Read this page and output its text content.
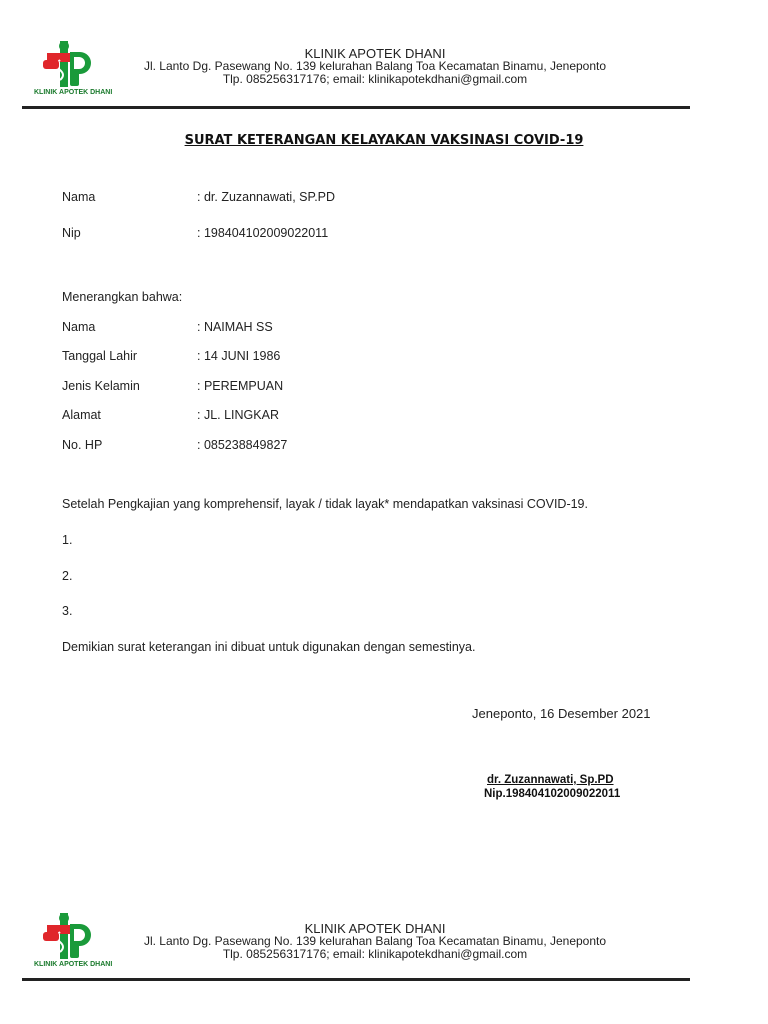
KLINIK APOTEK DHANI
KLINIK APOTEK DHANI
Jl. Lanto Dg. Pasewang No. 139 kelurahan Balang Toa Kecamatan Binamu, Jeneponto
Tlp. 085256317176; email: klinikapotekdhani@gmail.com
SURAT KETERANGAN KELAYAKAN VAKSINASI COVID-19
Nama	: dr. Zuzannawati, SP.PD
Nip	: 198404102009022011
Menerangkan bahwa:
Nama	: NAIMAH SS
Tanggal Lahir	: 14 JUNI 1986
Jenis Kelamin	: PEREMPUAN
Alamat	: JL. LINGKAR
No. HP	: 085238849827
Setelah Pengkajian yang komprehensif, layak / tidak layak* mendapatkan vaksinasi COVID-19.
1.
2.
3.
Demikian surat keterangan ini dibuat untuk digunakan dengan semestinya.
Jeneponto, 16 Desember 2021
dr. Zuzannawati, Sp.PD
Nip.198404102009022011
KLINIK APOTEK DHANI
KLINIK APOTEK DHANI
Jl. Lanto Dg. Pasewang No. 139 kelurahan Balang Toa Kecamatan Binamu, Jeneponto
Tlp. 085256317176; email: klinikapotekdhani@gmail.com
